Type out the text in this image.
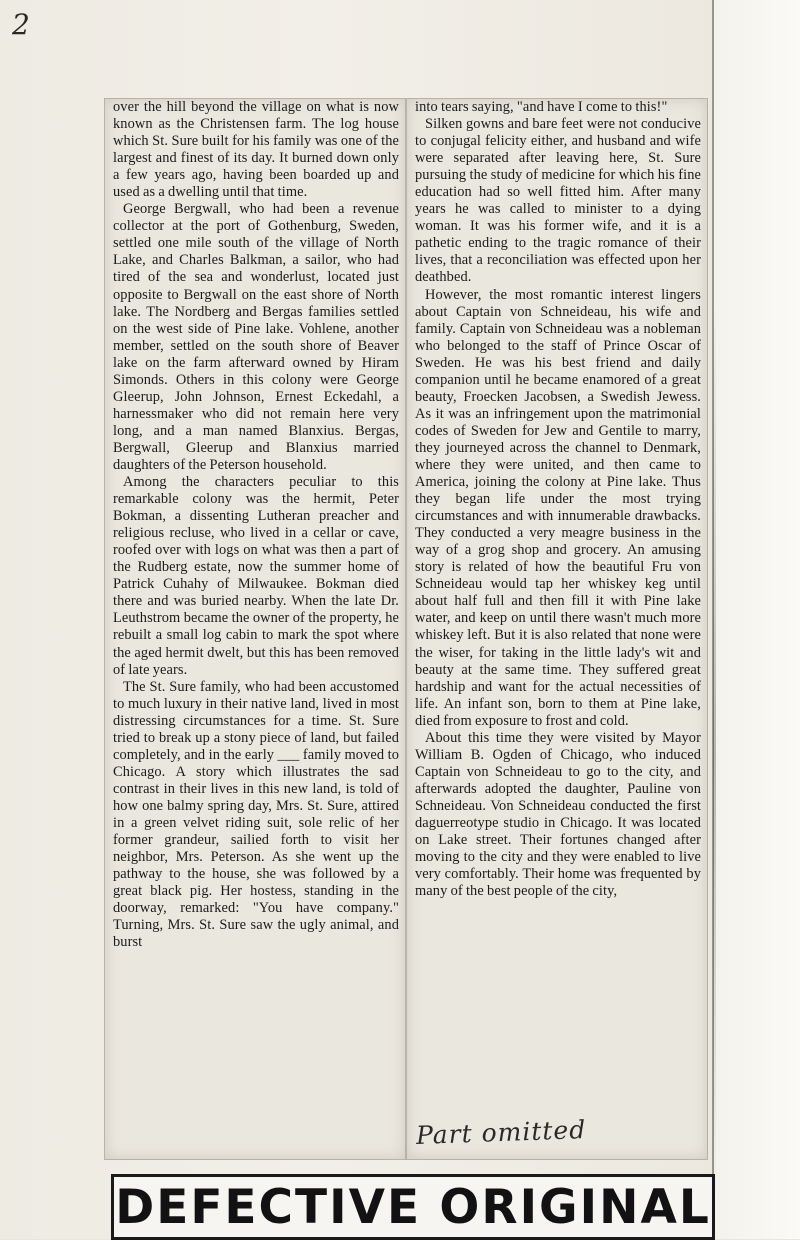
2

over the hill beyond the village on what is now known as the Christensen farm. The log house which St. Sure built for his family was one of the largest and finest of its day. It burned down only a few years ago, having been boarded up and used as a dwelling until that time.

George Bergwall, who had been a revenue collector at the port of Gothenburg, Sweden, settled one mile south of the village of North Lake, and Charles Balkman, a sailor, who had tired of the sea and wonderlust, located just opposite to Bergwall on the east shore of North lake. The Nordberg and Bergas families settled on the west side of Pine lake. Vohlene, another member, settled on the south shore of Beaver lake on the farm afterward owned by Hiram Simonds. Others in this colony were George Gleerup, John Johnson, Ernest Eckedahl, a harnessmaker who did not remain here very long, and a man named Blanxius. Bergas, Bergwall, Gleerup and Blanxius married daughters of the Peterson household.

Among the characters peculiar to this remarkable colony was the hermit, Peter Bokman, a dissenting Lutheran preacher and religious recluse, who lived in a cellar or cave, roofed over with logs on what was then a part of the Rudberg estate, now the summer home of Patrick Cuhahy of Milwaukee. Bokman died there and was buried nearby. When the late Dr. Leuthstrom became the owner of the property, he rebuilt a small log cabin to mark the spot where the aged hermit dwelt, but this has been removed of late years.

The St. Sure family, who had been accustomed to much luxury in their native land, lived in most distressing circumstances for a time. St. Sure tried to break up a stony piece of land, but failed completely, and in the early ___ family moved to Chicago. A story which illustrates the sad contrast in their lives in this new land, is told of how one balmy spring day, Mrs. St. Sure, attired in a green velvet riding suit, sole relic of her former grandeur, sailied forth to visit her neighbor, Mrs. Peterson. As she went up the pathway to the house, she was followed by a great black pig. Her hostess, standing in the doorway, remarked: "You have company." Turning, Mrs. St. Sure saw the ugly animal, and burst

into tears saying, "and have I come to this!"

Silken gowns and bare feet were not conducive to conjugal felicity either, and husband and wife were separated after leaving here, St. Sure pursuing the study of medicine for which his fine education had so well fitted him. After many years he was called to minister to a dying woman. It was his former wife, and it is a pathetic ending to the tragic romance of their lives, that a reconciliation was effected upon her deathbed.

However, the most romantic interest lingers about Captain von Schneideau, his wife and family. Captain von Schneideau was a nobleman who belonged to the staff of Prince Oscar of Sweden. He was his best friend and daily companion until he became enamored of a great beauty, Froecken Jacobsen, a Swedish Jewess. As it was an infringement upon the matrimonial codes of Sweden for Jew and Gentile to marry, they journeyed across the channel to Denmark, where they were united, and then came to America, joining the colony at Pine lake. Thus they began life under the most trying circumstances and with innumerable drawbacks. They conducted a very meagre business in the way of a grog shop and grocery. An amusing story is related of how the beautiful Fru von Schneideau would tap her whiskey keg until about half full and then fill it with Pine lake water, and keep on until there wasn't much more whiskey left. But it is also related that none were the wiser, for taking in the little lady's wit and beauty at the same time. They suffered great hardship and want for the actual necessities of life. An infant son, born to them at Pine lake, died from exposure to frost and cold.

About this time they were visited by Mayor William B. Ogden of Chicago, who induced Captain von Schneideau to go to the city, and afterwards adopted the daughter, Pauline von Schneideau. Von Schneideau conducted the first daguerreotype studio in Chicago. It was located on Lake street. Their fortunes changed after moving to the city and they were enabled to live very comfortably. Their home was frequented by many of the best people of the city,

Part omitted
DEFECTIVE ORIGINAL
